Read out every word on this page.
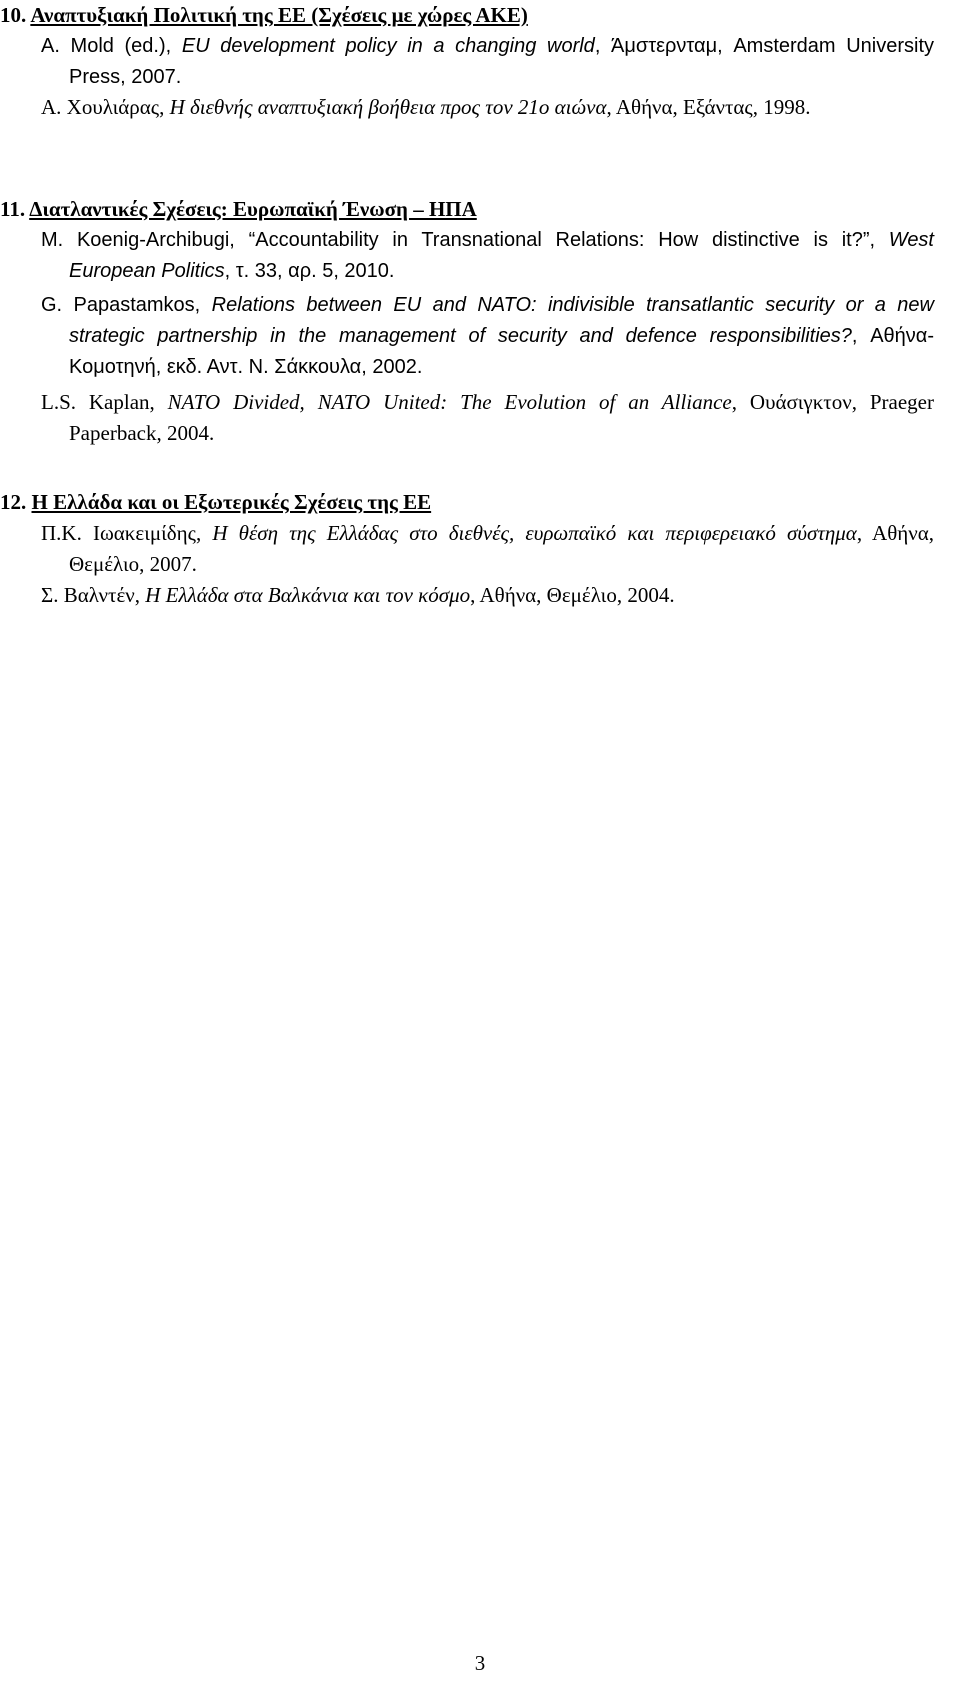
10. Αναπτυξιακή Πολιτική της ΕΕ (Σχέσεις με χώρες ΑΚΕ)
A. Mold (ed.), EU development policy in a changing world, Άμστερνταμ, Amsterdam University Press, 2007.
Α. Χουλιάρας, Η διεθνής αναπτυξιακή βοήθεια προς τον 21ο αιώνα, Αθήνα, Εξάντας, 1998.
11. Διατλαντικές Σχέσεις: Ευρωπαϊκή Ένωση – ΗΠΑ
M. Koenig-Archibugi, “Accountability in Transnational Relations: How distinctive is it?”, West European Politics, τ. 33, αρ. 5, 2010.
G. Papastamkos, Relations between EU and NATO: indivisible transatlantic security or a new strategic partnership in the management of security and defence responsibilities?, Αθήνα-Κομοτηνή, εκδ. Αντ. Ν. Σάκκουλα, 2002.
L.S. Kaplan, NATO Divided, NATO United: The Evolution of an Alliance, Ουάσιγκτον, Praeger Paperback, 2004.
12. Η Ελλάδα και οι Εξωτερικές Σχέσεις της ΕΕ
Π.Κ. Ιωακειμίδης, Η θέση της Ελλάδας στο διεθνές, ευρωπαϊκό και περιφερειακό σύστημα, Αθήνα, Θεμέλιο, 2007.
Σ. Βαλντέν, Η Ελλάδα στα Βαλκάνια και τον κόσμο, Αθήνα, Θεμέλιο, 2004.
3
